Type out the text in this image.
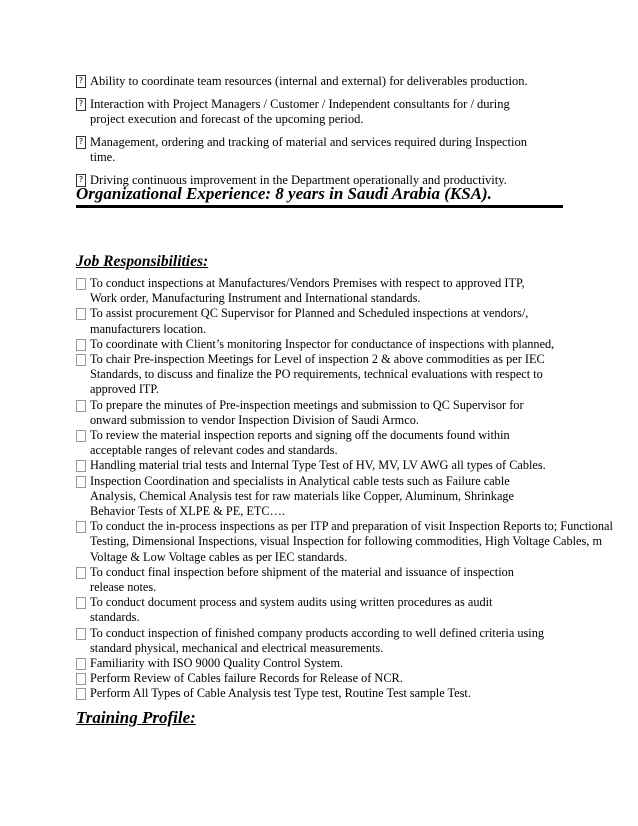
? Ability to coordinate team resources (internal and external) for deliverables production.
? Interaction with Project Managers / Customer / Independent consultants for / during
project execution and forecast of the upcoming period.
? Management, ordering and tracking of material and services required during Inspection
time.
? Driving continuous improvement in the Department operationally and productivity.
Organizational Experience: 8 years in Saudi Arabia (KSA).
Job Responsibilities:
To conduct inspections at Manufactures/Vendors Premises with respect to approved ITP,
Work order, Manufacturing Instrument and International standards.
To assist procurement QC Supervisor for Planned and Scheduled inspections at vendors/,
manufacturers location.
To coordinate with Client’s monitoring Inspector for conductance of inspections with planned,
To chair Pre-inspection Meetings for Level of inspection 2 & above commodities as per IEC
Standards, to discuss and finalize the PO requirements, technical evaluations with respect to
approved ITP.
To prepare the minutes of Pre-inspection meetings and submission to QC Supervisor for
onward submission to vendor Inspection Division of Saudi Armco.
To review the material inspection reports and signing off the documents found within
acceptable ranges of relevant codes and standards.
Handling material trial tests and Internal Type Test of HV, MV, LV AWG all types of Cables.
Inspection Coordination and specialists in Analytical cable tests such as Failure cable
Analysis, Chemical Analysis test for raw materials like Copper, Aluminum, Shrinkage
Behavior Tests of XLPE & PE, ETC….
To conduct the in-process inspections as per ITP and preparation of visit Inspection Reports to; Functional
Testing, Dimensional Inspections, visual Inspection for following commodities, High Voltage Cables, m
Voltage & Low Voltage cables as per IEC standards.
To conduct final inspection before shipment of the material and issuance of inspection
release notes.
To conduct document process and system audits using written procedures as audit
standards.
To conduct inspection of finished company products according to well defined criteria using
standard physical, mechanical and electrical measurements.
Familiarity with ISO 9000 Quality Control System.
Perform Review of Cables failure Records for Release of NCR.
Perform All Types of Cable Analysis test Type test, Routine Test sample Test.
Training Profile:
